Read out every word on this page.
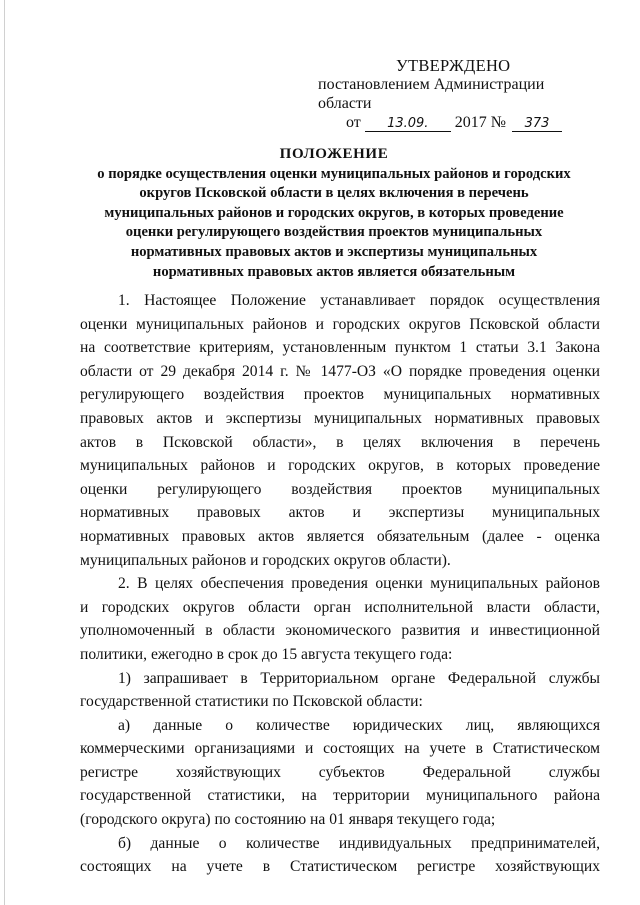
УТВЕРЖДЕНО
постановлением Администрации области
от 13.09. 2017 № 373
ПОЛОЖЕНИЕ
о порядке осуществления оценки муниципальных районов и городских
округов Псковской области в целях включения в перечень
муниципальных районов и городских округов, в которых проведение
оценки регулирующего воздействия проектов муниципальных
нормативных правовых актов и экспертизы муниципальных
нормативных правовых актов является обязательным
1. Настоящее Положение устанавливает порядок осуществления
оценки муниципальных районов и городских округов Псковской области
на соответствие критериям, установленным пунктом 1 статьи 3.1 Закона
области от 29 декабря 2014 г. № 1477-ОЗ «О порядке проведения оценки
регулирующего воздействия проектов муниципальных нормативных
правовых актов и экспертизы муниципальных нормативных правовых
актов в Псковской области», в целях включения в перечень
муниципальных районов и городских округов, в которых проведение
оценки регулирующего воздействия проектов муниципальных
нормативных правовых актов и экспертизы муниципальных
нормативных правовых актов является обязательным (далее - оценка
муниципальных районов и городских округов области).
2. В целях обеспечения проведения оценки муниципальных районов
и городских округов области орган исполнительной власти области,
уполномоченный в области экономического развития и инвестиционной
политики, ежегодно в срок до 15 августа текущего года:
1) запрашивает в Территориальном органе Федеральной службы
государственной статистики по Псковской области:
а) данные о количестве юридических лиц, являющихся
коммерческими организациями и состоящих на учете в Статистическом
регистре хозяйствующих субъектов Федеральной службы
государственной статистики, на территории муниципального района
(городского округа) по состоянию на 01 января текущего года;
б) данные о количестве индивидуальных предпринимателей,
состоящих на учете в Статистическом регистре хозяйствующих
